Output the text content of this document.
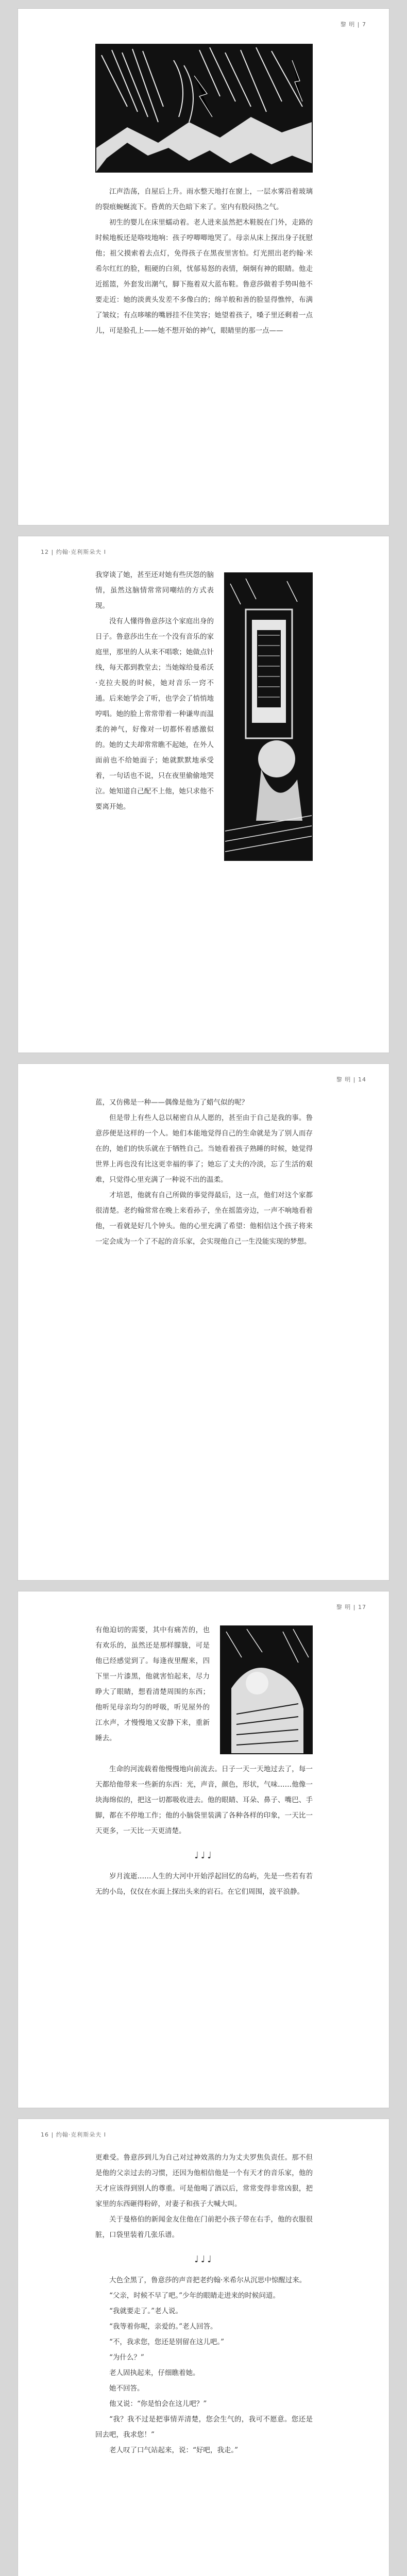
黎 明 | 7

江声浩荡，自屋后上升。雨水整天地打在窗上，一层水雾沿着玻璃的裂痕蜿蜒流下。昏黄的天色暗下来了。室内有股闷热之气。

初生的婴儿在床里蠕动着。老人进来虽然把木鞋脱在门外，走路的时候地板还是咯吱地响：孩子哼唧唧地哭了。母亲从床上探出身子抚慰他；祖父摸索着去点灯，免得孩子在黑夜里害怕。灯光照出老约翰·米希尔红红的脸，粗硬的白须，忧郁易怒的表情，炯炯有神的眼睛。他走近摇篮，外套发出潮气，脚下拖着双大蓝布鞋。鲁意莎做着手势叫他不要走近：她的淡黄头发差不多像白的；绵羊般和善的脸显得憔悴，布满了皱纹；有点哆嗦的嘴唇挂不住笑容；她望着孩子，嗓子里还剩着一点儿，可是脸孔上——她不想开始的神气，眼睛里的那一点——

12 | 约翰·克利斯朵夫 I

我穿谈了她，甚至还对她有些厌怨的脑情，虽然这脑情常常同嘲结的方式表现。

没有人懂得鲁意莎这个家庭出身的日子。鲁意莎出生在一个没有音乐的家庭里，那里的人从来不唱歌；她做点针线，每天都到教堂去；当她嫁给曼希沃·克拉夫脱的时候，她对音乐一窍不通。后来她学会了听，也学会了悄悄地哼唱。她的脸上常常带着一种谦卑而温柔的神气，好像对一切都怀着感激似的。她的丈夫却常常瞧不起她，在外人面前也不给她面子；她就默默地承受着，一句话也不说，只在夜里偷偷地哭泣。她知道自己配不上他，她只求他不要离开她。

黎 明 | 14

蓝，又仿佛是一种——偶像是他为了蜡气似的呢？

但是带上有些人总以秘密自从人愿的，甚至由于自己是我的事。鲁意莎便是这样的一个人。她们本能地觉得自己的生命就是为了别人而存在的，她们的快乐就在于牺牲自己。当她看着孩子熟睡的时候，她觉得世界上再也没有比这更幸福的事了；她忘了丈夫的冷淡，忘了生活的艰难，只觉得心里充满了一种说不出的温柔。

才培恩，他就有自己所做的事觉得最后，这一点，他们对这个家都很清楚。老约翰常常在晚上来看孙子，坐在摇篮旁边，一声不响地看着他，一看就是好几个钟头。他的心里充满了希望：他相信这个孩子将来一定会成为一个了不起的音乐家，会实现他自己一生没能实现的梦想。

黎 明 | 17

有他迫切的需要，其中有痛苦的，也有欢乐的，虽然还是那样朦胧，可是他已经感觉到了。每逢夜里醒来，四下里一片漆黑，他就害怕起来，尽力睁大了眼睛，想看清楚周围的东西；他听见母亲均匀的呼吸，听见屋外的江水声，才慢慢地又安静下来，重新睡去。

生命的河流载着他慢慢地向前流去。日子一天一天地过去了，每一天都给他带来一些新的东西：光，声音，颜色，形状，气味……他像一块海绵似的，把这一切都吸收进去。他的眼睛、耳朵、鼻子、嘴巴、手脚，都在不停地工作；他的小脑袋里装满了各种各样的印象，一天比一天更多，一天比一天更清楚。

♩♩♩

岁月流逝……人生的大河中开始浮起回忆的岛屿，先是一些若有若无的小岛，仅仅在水面上探出头来的岩石。在它们周围，波平浪静。

16 | 约翰·克利斯朵夫 I

更难受。鲁意莎到儿为自己对过神效蒸的力为丈夫罗焦负责任。那不但是他的父亲过去的习惯，还因为他相信他是一个有天才的音乐家，他的天才应该得到别人的尊重。可是他喝了酒以后，常常变得非常凶狠，把家里的东西砸得粉碎，对妻子和孩子大喊大叫。

关于曼格伯的新闻金友住他在门前把小孩子带在右手，他的衣服很脏，口袋里装着几张乐谱。

♩♩♩

大色全黑了，鲁意莎的声音把老约翰·米希尔从沉思中惊醒过来。

“父亲，时候不早了吧。”少年的眼睛走进来的时候问道。

“我就要走了。”老人说。

“我等着你呢，亲爱的。”老人回答。

“不，我求您，您还是别留在这儿吧。”

“为什么？”

老人固执起来，仔细瞧着她。

她不回答。

他又说：“你是怕会在这儿吧？”

“我？我不过是把事情弄清楚，您会生气的，我可不愿意。您还是回去吧，我求您！”

老人叹了口气站起来，说：“好吧，我走。”
